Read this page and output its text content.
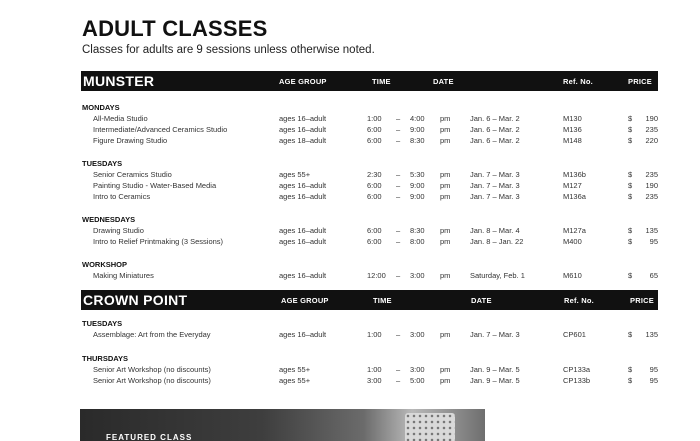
ADULT CLASSES

Classes for adults are 9 sessions unless otherwise noted.

MUNSTER	AGE GROUP	TIME	DATE	Ref. No.	PRICE
MONDAYS
All-Media Studio	ages 16–adult	1:00	– 4:00 pm	Jan. 6 – Mar. 2	M130	$	190
Intermediate/Advanced Ceramics Studio	ages 16–adult	6:00	– 9:00 pm	Jan. 6 – Mar. 2	M136	$	235
Figure Drawing Studio	ages 18–adult	6:00	– 8:30 pm	Jan. 6 – Mar. 2	M148	$	220
TUESDAYS
Senior Ceramics Studio	ages 55+	2:30	– 5:30 pm	Jan. 7 – Mar. 3	M136b	$	235
Painting Studio - Water-Based Media	ages 16–adult	6:00	– 9:00 pm	Jan. 7 – Mar. 3	M127	$	190
Intro to Ceramics	ages 16–adult	6:00	– 9:00 pm	Jan. 7 – Mar. 3	M136a	$	235
WEDNESDAYS
Drawing Studio	ages 16–adult	6:00	– 8:30 pm	Jan. 8 – Mar. 4	M127a	$	135
Intro to Relief Printmaking (3 Sessions)	ages 16–adult	6:00	– 8:00 pm	Jan. 8 – Jan. 22	M400	$	95
WORKSHOP
Making Miniatures	ages 16–adult	12:00	– 3:00 pm	Saturday, Feb. 1	M610	$	65
CROWN POINT	AGE GROUP	TIME	DATE	Ref. No.	PRICE
TUESDAYS
Assemblage: Art from the Everyday	ages 16–adult	1:00	– 3:00 pm	Jan. 7 – Mar. 3	CP601	$	135
THURSDAYS
Senior Art Workshop (no discounts)	ages 55+	1:00	– 3:00 pm	Jan. 9 – Mar. 5	CP133a	$	95
Senior Art Workshop (no discounts)	ages 55+	3:00	– 5:00 pm	Jan. 9 – Mar. 5	CP133b	$	95
FEATURED CLASS
